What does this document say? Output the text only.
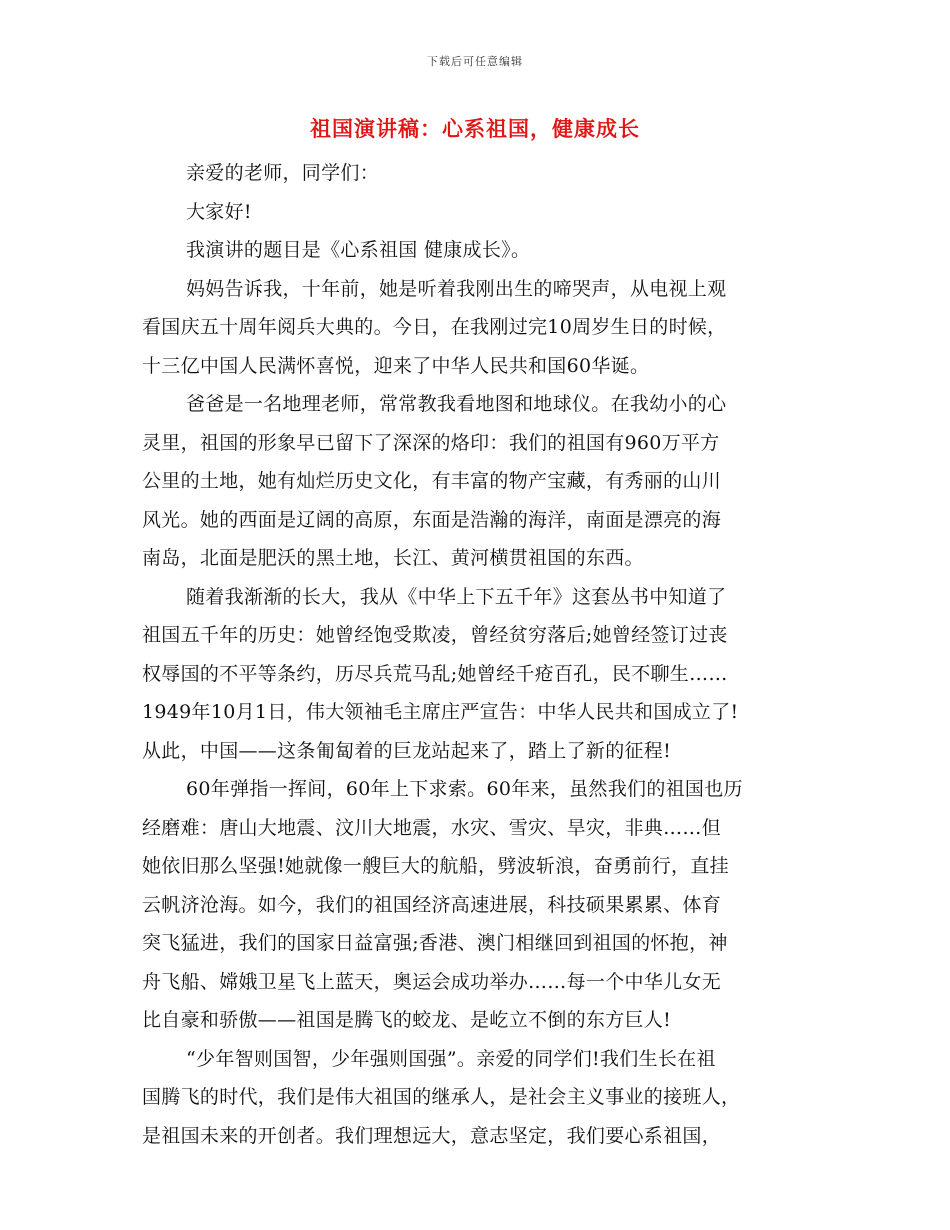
下载后可任意编辑
祖国演讲稿：心系祖国，健康成长
亲爱的老师，同学们：
大家好!
我演讲的题目是《心系祖国 健康成长》。
妈妈告诉我，十年前，她是听着我刚出生的啼哭声，从电视上观
看国庆五十周年阅兵大典的。今日，在我刚过完10周岁生日的时候，
十三亿中国人民满怀喜悦，迎来了中华人民共和国60华诞。
爸爸是一名地理老师，常常教我看地图和地球仪。在我幼小的心
灵里，祖国的形象早已留下了深深的烙印：我们的祖国有960万平方
公里的土地，她有灿烂历史文化，有丰富的物产宝藏，有秀丽的山川
风光。她的西面是辽阔的高原，东面是浩瀚的海洋，南面是漂亮的海
南岛，北面是肥沃的黑土地，长江、黄河横贯祖国的东西。
随着我渐渐的长大，我从《中华上下五千年》这套丛书中知道了
祖国五千年的历史：她曾经饱受欺凌，曾经贫穷落后;她曾经签订过丧
权辱国的不平等条约，历尽兵荒马乱;她曾经千疮百孔，民不聊生……
1949年10月1日，伟大领袖毛主席庄严宣告：中华人民共和国成立了!
从此，中国——这条匍匐着的巨龙站起来了，踏上了新的征程!
60年弹指一挥间，60年上下求索。60年来，虽然我们的祖国也历
经磨难：唐山大地震、汶川大地震，水灾、雪灾、旱灾，非典……但
她依旧那么坚强!她就像一艘巨大的航船，劈波斩浪，奋勇前行，直挂
云帆济沧海。如今，我们的祖国经济高速进展，科技硕果累累、体育
突飞猛进，我们的国家日益富强;香港、澳门相继回到祖国的怀抱，神
舟飞船、嫦娥卫星飞上蓝天，奥运会成功举办……每一个中华儿女无
比自豪和骄傲——祖国是腾飞的蛟龙、是屹立不倒的东方巨人!
“少年智则国智，少年强则国强”。亲爱的同学们!我们生长在祖
国腾飞的时代，我们是伟大祖国的继承人，是社会主义事业的接班人，
是祖国未来的开创者。我们理想远大，意志坚定，我们要心系祖国，
